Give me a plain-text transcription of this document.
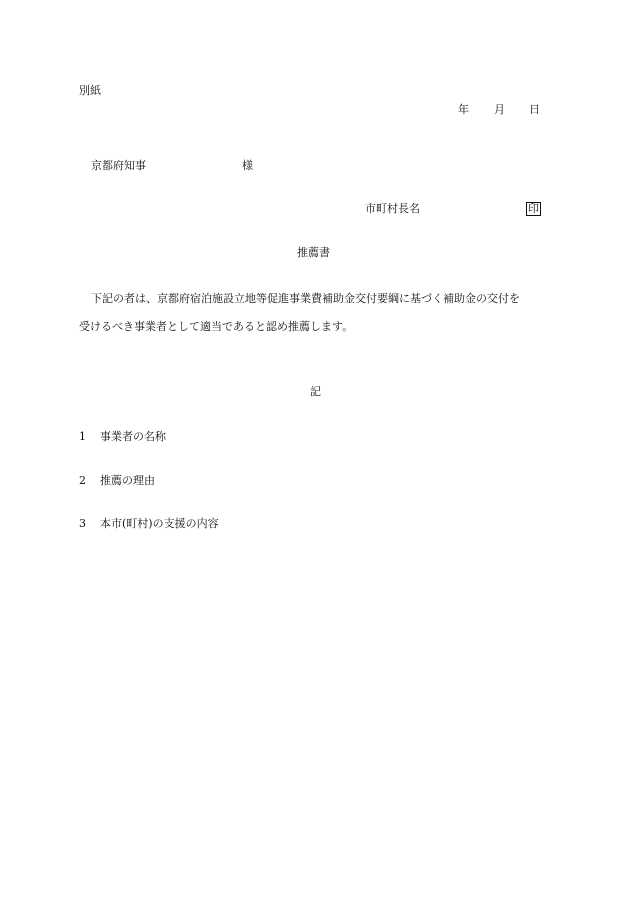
別紙
年 月 日
京都府知事	様
市町村長名	印
推薦書
下記の者は、京都府宿泊施設立地等促進事業費補助金交付要綱に基づく補助金の交付を
受けるべき事業者として適当であると認め推薦します。
記
1 事業者の名称
2 推薦の理由
3 本市(町村)の支援の内容
